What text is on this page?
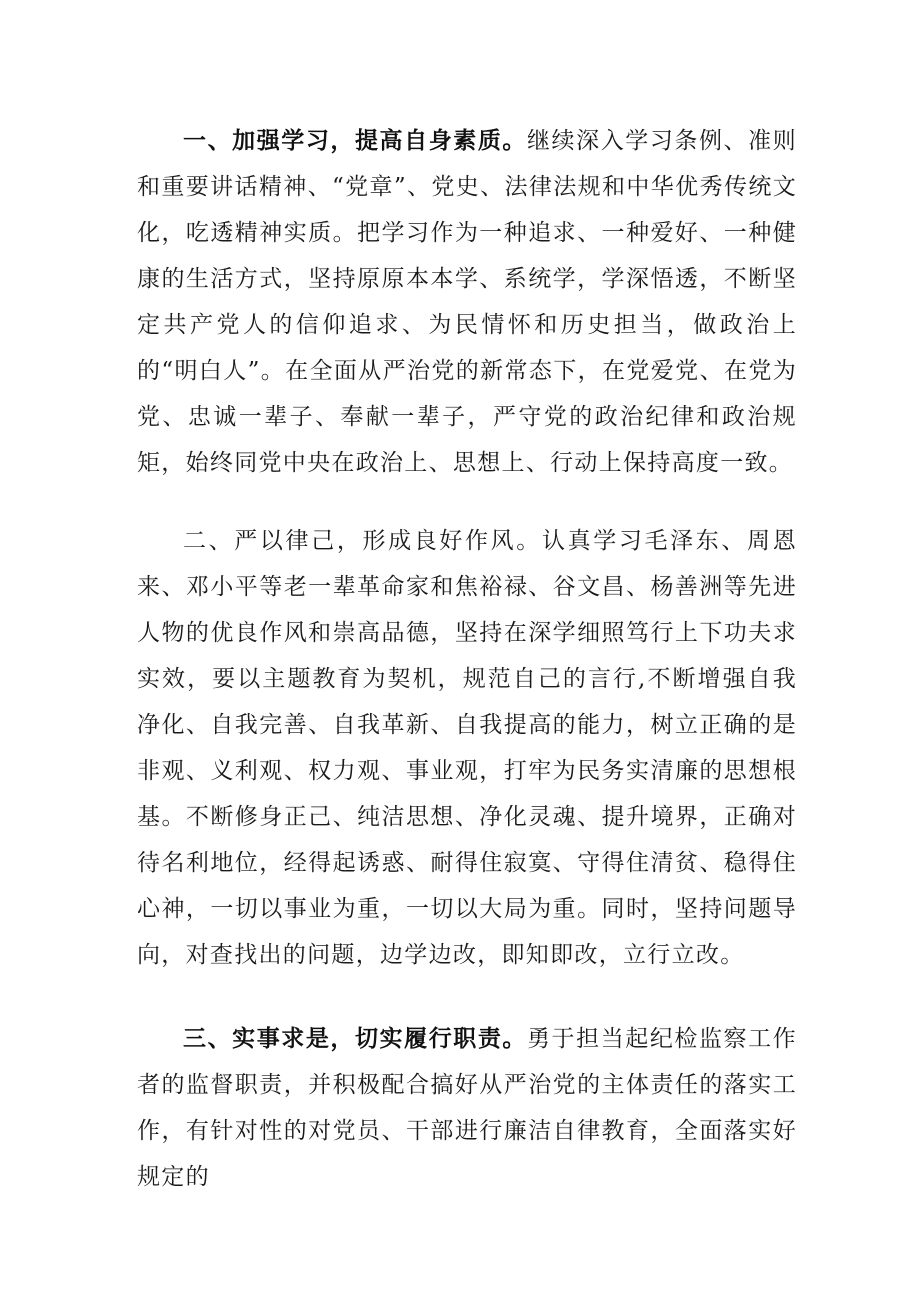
一、加强学习，提高自身素质。继续深入学习条例、准则和重要讲话精神、“党章”、党史、法律法规和中华优秀传统文化，吃透精神实质。把学习作为一种追求、一种爱好、一种健康的生活方式，坚持原原本本学、系统学，学深悟透，不断坚定共产党人的信仰追求、为民情怀和历史担当，做政治上的“明白人”。在全面从严治党的新常态下，在党爱党、在党为党、忠诚一辈子、奉献一辈子，严守党的政治纪律和政治规矩，始终同党中央在政治上、思想上、行动上保持高度一致。

二、严以律己，形成良好作风。认真学习毛泽东、周恩来、邓小平等老一辈革命家和焦裕禄、谷文昌、杨善洲等先进人物的优良作风和崇高品德，坚持在深学细照笃行上下功夫求实效，要以主题教育为契机，规范自己的言行,不断增强自我净化、自我完善、自我革新、自我提高的能力，树立正确的是非观、义利观、权力观、事业观，打牢为民务实清廉的思想根基。不断修身正己、纯洁思想、净化灵魂、提升境界，正确对待名利地位，经得起诱惑、耐得住寂寞、守得住清贫、稳得住心神，一切以事业为重，一切以大局为重。同时，坚持问题导向，对查找出的问题，边学边改，即知即改，立行立改。

三、实事求是，切实履行职责。勇于担当起纪检监察工作者的监督职责，并积极配合搞好从严治党的主体责任的落实工作，有针对性的对党员、干部进行廉洁自律教育，全面落实好规定的
